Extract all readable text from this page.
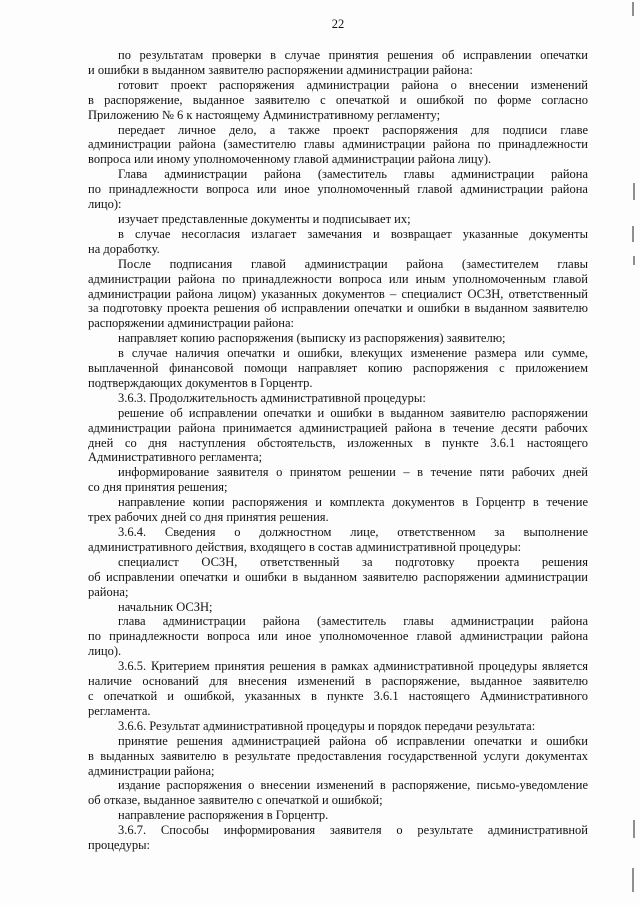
22
по результатам проверки в случае принятия решения об исправлении опечатки
и ошибки в выданном заявителю распоряжении администрации района:
готовит проект распоряжения администрации района о внесении изменений
в распоряжение, выданное заявителю с опечаткой и ошибкой по форме согласно
Приложению № 6 к настоящему Административному регламенту;
передает личное дело, а также проект распоряжения для подписи главе
администрации района (заместителю главы администрации района по принадлежности
вопроса или иному уполномоченному главой администрации района лицу).
Глава администрации района (заместитель главы администрации района
по принадлежности вопроса или иное уполномоченный главой администрации района
лицо):
изучает представленные документы и подписывает их;
в случае несогласия излагает замечания и возвращает указанные документы
на доработку.
После подписания главой администрации района (заместителем главы
администрации района по принадлежности вопроса или иным уполномоченным главой
администрации района лицом) указанных документов – специалист ОСЗН, ответственный
за подготовку проекта решения об исправлении опечатки и ошибки в выданном заявителю
распоряжении администрации района:
направляет копию распоряжения (выписку из распоряжения) заявителю;
в случае наличия опечатки и ошибки, влекущих изменение размера или сумме,
выплаченной финансовой помощи направляет копию распоряжения с приложением
подтверждающих документов в Горцентр.
3.6.3. Продолжительность административной процедуры:
решение об исправлении опечатки и ошибки в выданном заявителю распоряжении
администрации района принимается администрацией района в течение десяти рабочих
дней со дня наступления обстоятельств, изложенных в пункте 3.6.1 настоящего
Административного регламента;
информирование заявителя о принятом решении – в течение пяти рабочих дней
со дня принятия решения;
направление копии распоряжения и комплекта документов в Горцентр в течение
трех рабочих дней со дня принятия решения.
3.6.4. Сведения о должностном лице, ответственном за выполнение
административного действия, входящего в состав административной процедуры:
специалист ОСЗН, ответственный за подготовку проекта решения
об исправлении опечатки и ошибки в выданном заявителю распоряжении администрации
района;
начальник ОСЗН;
глава администрации района (заместитель главы администрации района
по принадлежности вопроса или иное уполномоченное главой администрации района
лицо).
3.6.5. Критерием принятия решения в рамках административной процедуры является
наличие оснований для внесения изменений в распоряжение, выданное заявителю
с опечаткой и ошибкой, указанных в пункте 3.6.1 настоящего Административного
регламента.
3.6.6. Результат административной процедуры и порядок передачи результата:
принятие решения администрацией района об исправлении опечатки и ошибки
в выданных заявителю в результате предоставления государственной услуги документах
администрации района;
издание распоряжения о внесении изменений в распоряжение, письмо-уведомление
об отказе, выданное заявителю с опечаткой и ошибкой;
направление распоряжения в Горцентр.
3.6.7. Способы информирования заявителя о результате административной
процедуры:
